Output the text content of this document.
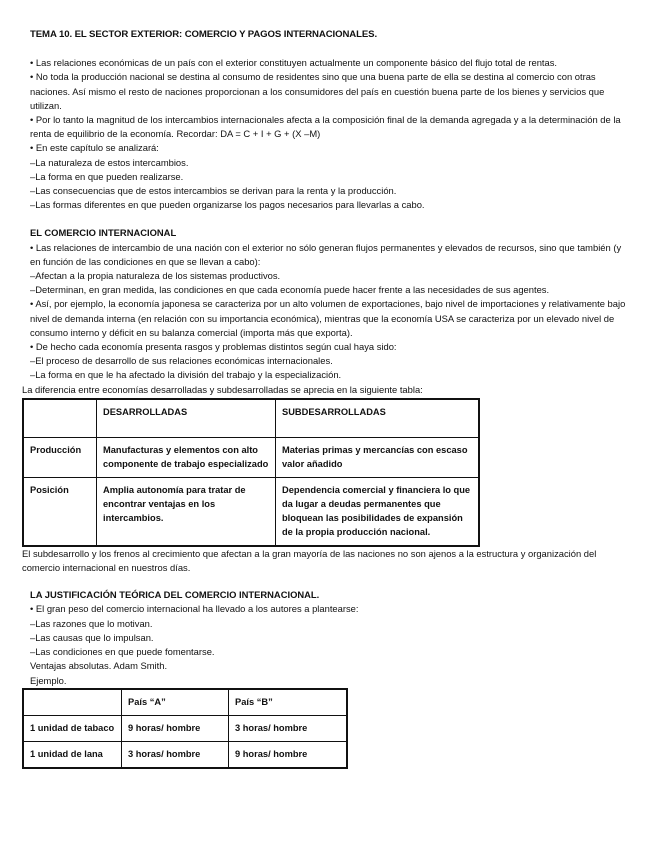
TEMA 10. EL SECTOR EXTERIOR: COMERCIO Y PAGOS INTERNACIONALES.

• Las relaciones económicas de un país con el exterior constituyen actualmente un componente básico del flujo total de rentas.

• No toda la producción nacional se destina al consumo de residentes sino que una buena parte de ella se destina al comercio con otras naciones. Así mismo el resto de naciones proporcionan a los consumidores del país en cuestión buena parte de los bienes y servicios que utilizan.

• Por lo tanto la magnitud de los intercambios internacionales afecta a la composición final de la demanda agregada y a la determinación de la renta de equilibrio de la economía. Recordar: DA = C + I + G + (X –M)

• En este capítulo se analizará:

–La naturaleza de estos intercambios.

–La forma en que pueden realizarse.

–Las consecuencias que de estos intercambios se derivan para la renta y la producción.

–Las formas diferentes en que pueden organizarse los pagos necesarios para llevarlas a cabo.

EL COMERCIO INTERNACIONAL

• Las relaciones de intercambio de una nación con el exterior no sólo generan flujos permanentes y elevados de recursos, sino que también (y en función de las condiciones en que se llevan a cabo):

–Afectan a la propia naturaleza de los sistemas productivos.

–Determinan, en gran medida, las condiciones en que cada economía puede hacer frente a las necesidades de sus agentes.

• Así, por ejemplo, la economía japonesa se caracteriza por un alto volumen de exportaciones, bajo nivel de importaciones y relativamente bajo nivel de demanda interna (en relación con su importancia económica), mientras que la economía USA se caracteriza por un elevado nivel de consumo interno y déficit en su balanza comercial (importa más que exporta).

• De hecho cada economía presenta rasgos y problemas distintos según cual haya sido:

–El proceso de desarrollo de sus relaciones económicas internacionales.

–La forma en que le ha afectado la división del trabajo y la especialización.

La diferencia entre economías desarrolladas y subdesarrolladas se aprecia en la siguiente tabla:

	DESARROLLADAS	SUBDESARROLLADAS
Producción	Manufacturas y elementos con alto componente de trabajo especializado	Materias primas y mercancías con escaso valor añadido
Posición	Amplia autonomía para tratar de encontrar ventajas en los intercambios.	Dependencia comercial y financiera lo que da lugar a deudas permanentes que bloquean las posibilidades de expansión de la propia producción nacional.

El subdesarrollo y los frenos al crecimiento que afectan a la gran mayoría de las naciones no son ajenos a la estructura y organización del comercio internacional en nuestros días.

LA JUSTIFICACIÓN TEÓRICA DEL COMERCIO INTERNACIONAL.

• El gran peso del comercio internacional ha llevado a los autores a plantearse:

–Las razones que lo motivan.

–Las causas que lo impulsan.

–Las condiciones en que puede fomentarse.

Ventajas absolutas. Adam Smith.

Ejemplo.

	País “A”	País “B”
1 unidad de tabaco	9 horas/ hombre	3 horas/ hombre
1 unidad de lana	3 horas/ hombre	9 horas/ hombre
